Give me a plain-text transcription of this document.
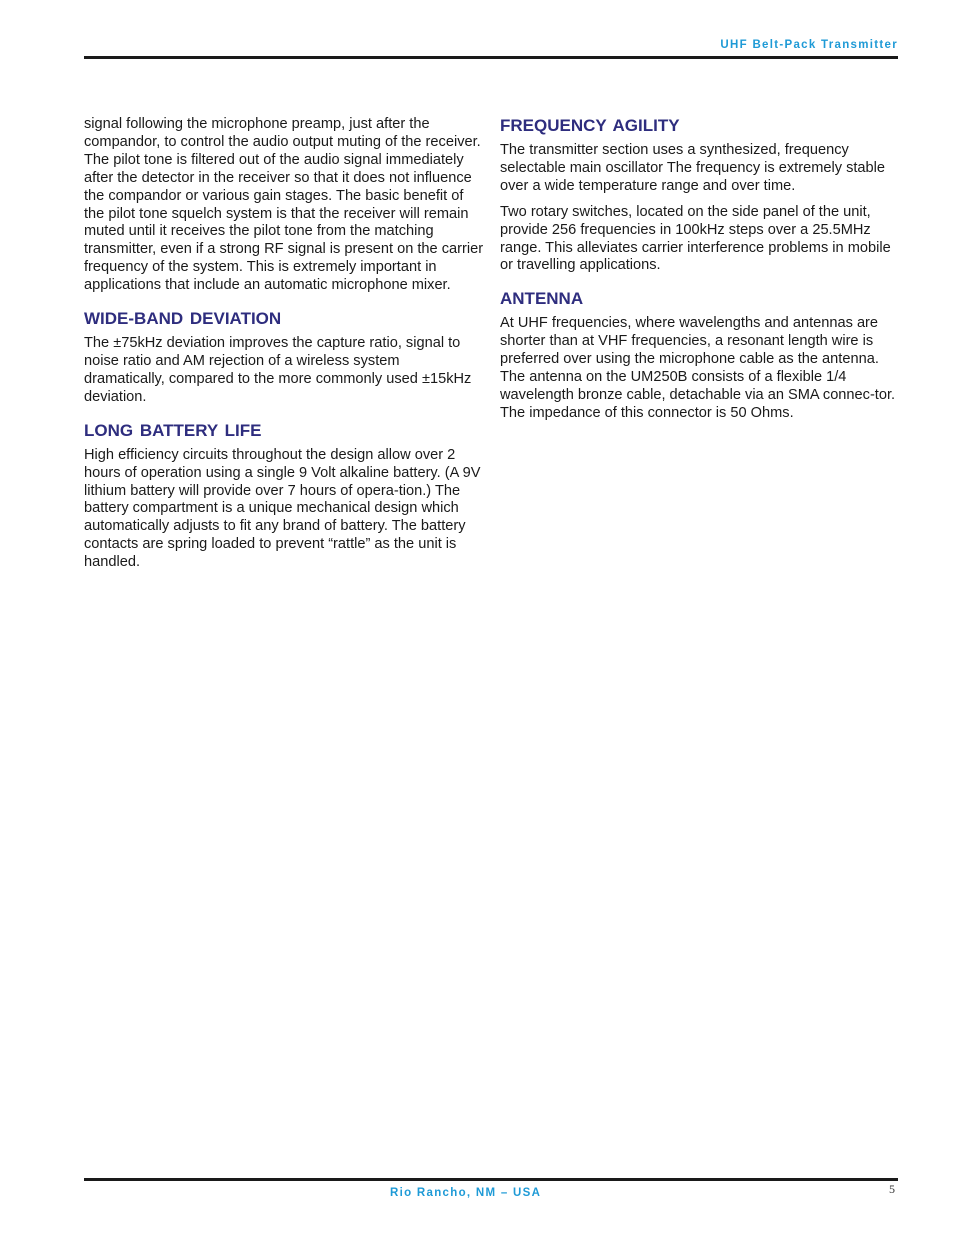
UHF Belt-Pack Transmitter

signal following the microphone preamp, just after the compandor, to control the audio output muting of the receiver. The pilot tone is filtered out of the audio signal immediately after the detector in the receiver so that it does not influence the compandor or various gain stages. The basic benefit of the pilot tone squelch system is that the receiver will remain muted until it receives the pilot tone from the matching transmitter, even if a strong RF signal is present on the carrier frequency of the system. This is extremely important in applications that include an automatic microphone mixer.

WIDE-BAND DEVIATION

The ±75kHz deviation improves the capture ratio, signal to noise ratio and AM rejection of a wireless system dramatically, compared to the more commonly used ±15kHz deviation.

LONG BATTERY LIFE

High efficiency circuits throughout the design allow over 2 hours of operation using a single 9 Volt alkaline battery. (A 9V lithium battery will provide over 7 hours of opera-tion.) The battery compartment is a unique mechanical design which automatically adjusts to fit any brand of battery. The battery contacts are spring loaded to prevent “rattle” as the unit is handled.

FREQUENCY AGILITY

The transmitter section uses a synthesized, frequency selectable main oscillator The frequency is extremely stable over a wide temperature range and over time.

Two rotary switches, located on the side panel of the unit, provide 256 frequencies in 100kHz steps over a 25.5MHz range. This alleviates carrier interference problems in mobile or travelling applications.

ANTENNA

At UHF frequencies, where wavelengths and antennas are shorter than at VHF frequencies, a resonant length wire is preferred over using the microphone cable as the antenna. The antenna on the UM250B consists of a flexible 1/4 wavelength bronze cable, detachable via an SMA connec-tor. The impedance of this connector is 50 Ohms.

Rio Rancho, NM – USA	5
